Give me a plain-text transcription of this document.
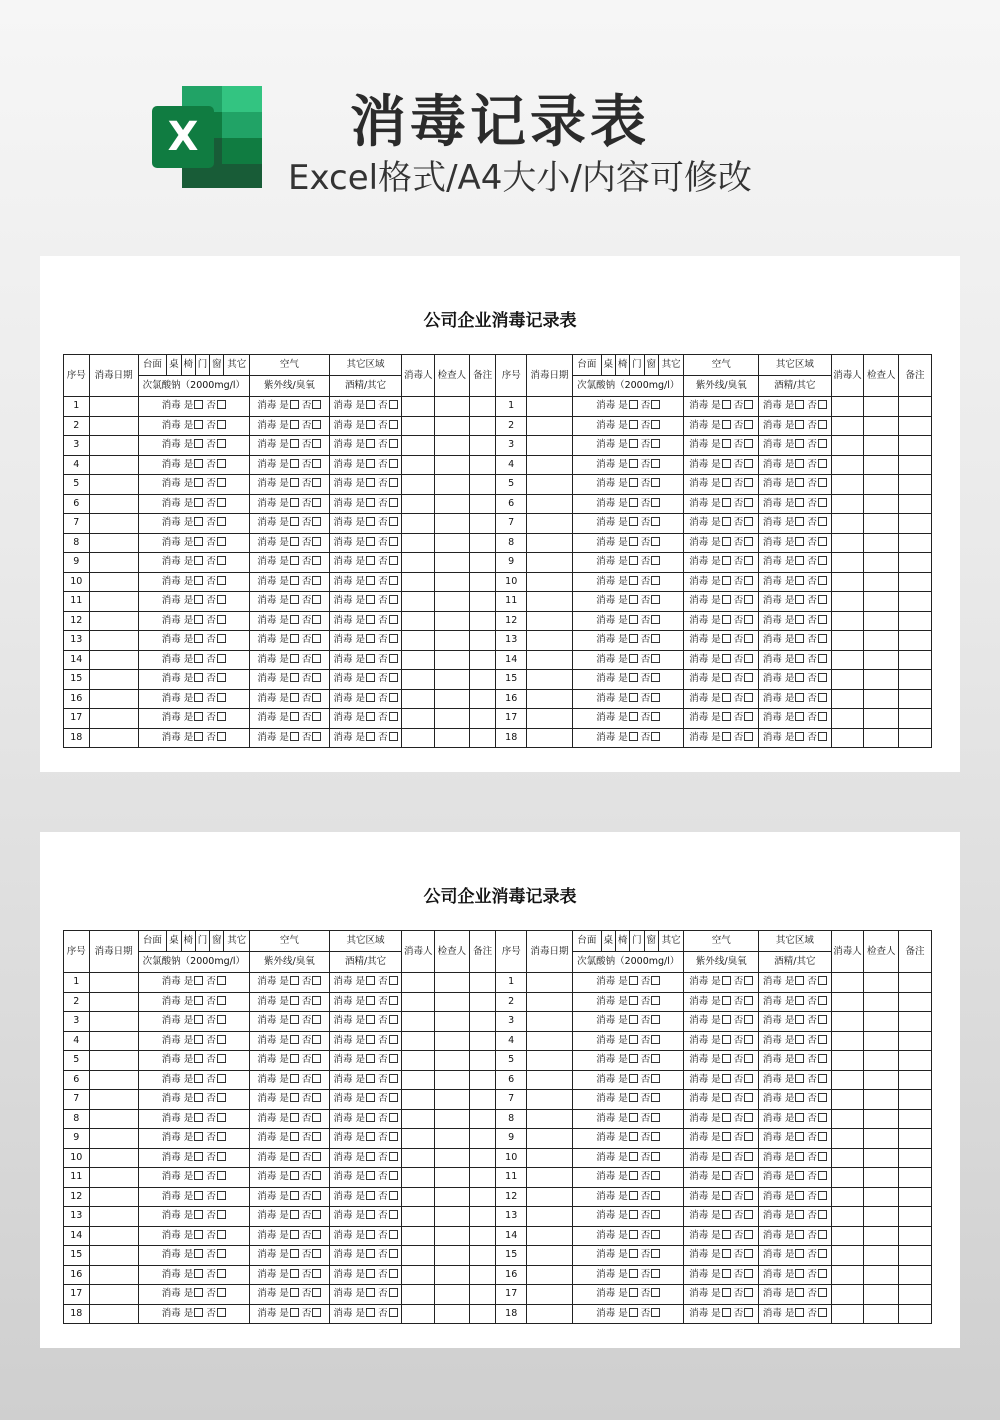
X	消毒记录表
Excel格式/A4大小/内容可修改
公司企业消毒记录表
序号	消毒日期	台面	桌	椅	门	窗	其它	空气	其它区域	消毒人	检查人	备注	序号	消毒日期	台面	桌	椅	门	窗	其它	空气	其它区域	消毒人	检查人	备注
		次氯酸钠（2000mg/l）						紫外线/臭氧	酒精/其它						次氯酸钠（2000mg/l）						紫外线/臭氧	酒精/其它			
1		消毒 是 否						消毒 是 否	消毒 是 否				1		消毒 是 否						消毒 是 否	消毒 是 否			
2		消毒 是 否						消毒 是 否	消毒 是 否				2		消毒 是 否						消毒 是 否	消毒 是 否			
3		消毒 是 否						消毒 是 否	消毒 是 否				3		消毒 是 否						消毒 是 否	消毒 是 否			
4		消毒 是 否						消毒 是 否	消毒 是 否				4		消毒 是 否						消毒 是 否	消毒 是 否			
5		消毒 是 否						消毒 是 否	消毒 是 否				5		消毒 是 否						消毒 是 否	消毒 是 否			
6		消毒 是 否						消毒 是 否	消毒 是 否				6		消毒 是 否						消毒 是 否	消毒 是 否			
7		消毒 是 否						消毒 是 否	消毒 是 否				7		消毒 是 否						消毒 是 否	消毒 是 否			
8		消毒 是 否						消毒 是 否	消毒 是 否				8		消毒 是 否						消毒 是 否	消毒 是 否			
9		消毒 是 否						消毒 是 否	消毒 是 否				9		消毒 是 否						消毒 是 否	消毒 是 否			
10		消毒 是 否						消毒 是 否	消毒 是 否				10		消毒 是 否						消毒 是 否	消毒 是 否			
11		消毒 是 否						消毒 是 否	消毒 是 否				11		消毒 是 否						消毒 是 否	消毒 是 否			
12		消毒 是 否						消毒 是 否	消毒 是 否				12		消毒 是 否						消毒 是 否	消毒 是 否			
13		消毒 是 否						消毒 是 否	消毒 是 否				13		消毒 是 否						消毒 是 否	消毒 是 否			
14		消毒 是 否						消毒 是 否	消毒 是 否				14		消毒 是 否						消毒 是 否	消毒 是 否			
15		消毒 是 否						消毒 是 否	消毒 是 否				15		消毒 是 否						消毒 是 否	消毒 是 否			
16		消毒 是 否						消毒 是 否	消毒 是 否				16		消毒 是 否						消毒 是 否	消毒 是 否			
17		消毒 是 否						消毒 是 否	消毒 是 否				17		消毒 是 否						消毒 是 否	消毒 是 否			
18		消毒 是 否						消毒 是 否	消毒 是 否				18		消毒 是 否						消毒 是 否	消毒 是 否			
公司企业消毒记录表
序号	消毒日期	台面	桌	椅	门	窗	其它	空气	其它区域	消毒人	检查人	备注	序号	消毒日期	台面	桌	椅	门	窗	其它	空气	其它区域	消毒人	检查人	备注
		次氯酸钠（2000mg/l）						紫外线/臭氧	酒精/其它						次氯酸钠（2000mg/l）						紫外线/臭氧	酒精/其它			
1		消毒 是 否						消毒 是 否	消毒 是 否				1		消毒 是 否						消毒 是 否	消毒 是 否			
2		消毒 是 否						消毒 是 否	消毒 是 否				2		消毒 是 否						消毒 是 否	消毒 是 否			
3		消毒 是 否						消毒 是 否	消毒 是 否				3		消毒 是 否						消毒 是 否	消毒 是 否			
4		消毒 是 否						消毒 是 否	消毒 是 否				4		消毒 是 否						消毒 是 否	消毒 是 否			
5		消毒 是 否						消毒 是 否	消毒 是 否				5		消毒 是 否						消毒 是 否	消毒 是 否			
6		消毒 是 否						消毒 是 否	消毒 是 否				6		消毒 是 否						消毒 是 否	消毒 是 否			
7		消毒 是 否						消毒 是 否	消毒 是 否				7		消毒 是 否						消毒 是 否	消毒 是 否			
8		消毒 是 否						消毒 是 否	消毒 是 否				8		消毒 是 否						消毒 是 否	消毒 是 否			
9		消毒 是 否						消毒 是 否	消毒 是 否				9		消毒 是 否						消毒 是 否	消毒 是 否			
10		消毒 是 否						消毒 是 否	消毒 是 否				10		消毒 是 否						消毒 是 否	消毒 是 否			
11		消毒 是 否						消毒 是 否	消毒 是 否				11		消毒 是 否						消毒 是 否	消毒 是 否			
12		消毒 是 否						消毒 是 否	消毒 是 否				12		消毒 是 否						消毒 是 否	消毒 是 否			
13		消毒 是 否						消毒 是 否	消毒 是 否				13		消毒 是 否						消毒 是 否	消毒 是 否			
14		消毒 是 否						消毒 是 否	消毒 是 否				14		消毒 是 否						消毒 是 否	消毒 是 否			
15		消毒 是 否						消毒 是 否	消毒 是 否				15		消毒 是 否						消毒 是 否	消毒 是 否			
16		消毒 是 否						消毒 是 否	消毒 是 否				16		消毒 是 否						消毒 是 否	消毒 是 否			
17		消毒 是 否						消毒 是 否	消毒 是 否				17		消毒 是 否						消毒 是 否	消毒 是 否			
18		消毒 是 否						消毒 是 否	消毒 是 否				18		消毒 是 否						消毒 是 否	消毒 是 否			
